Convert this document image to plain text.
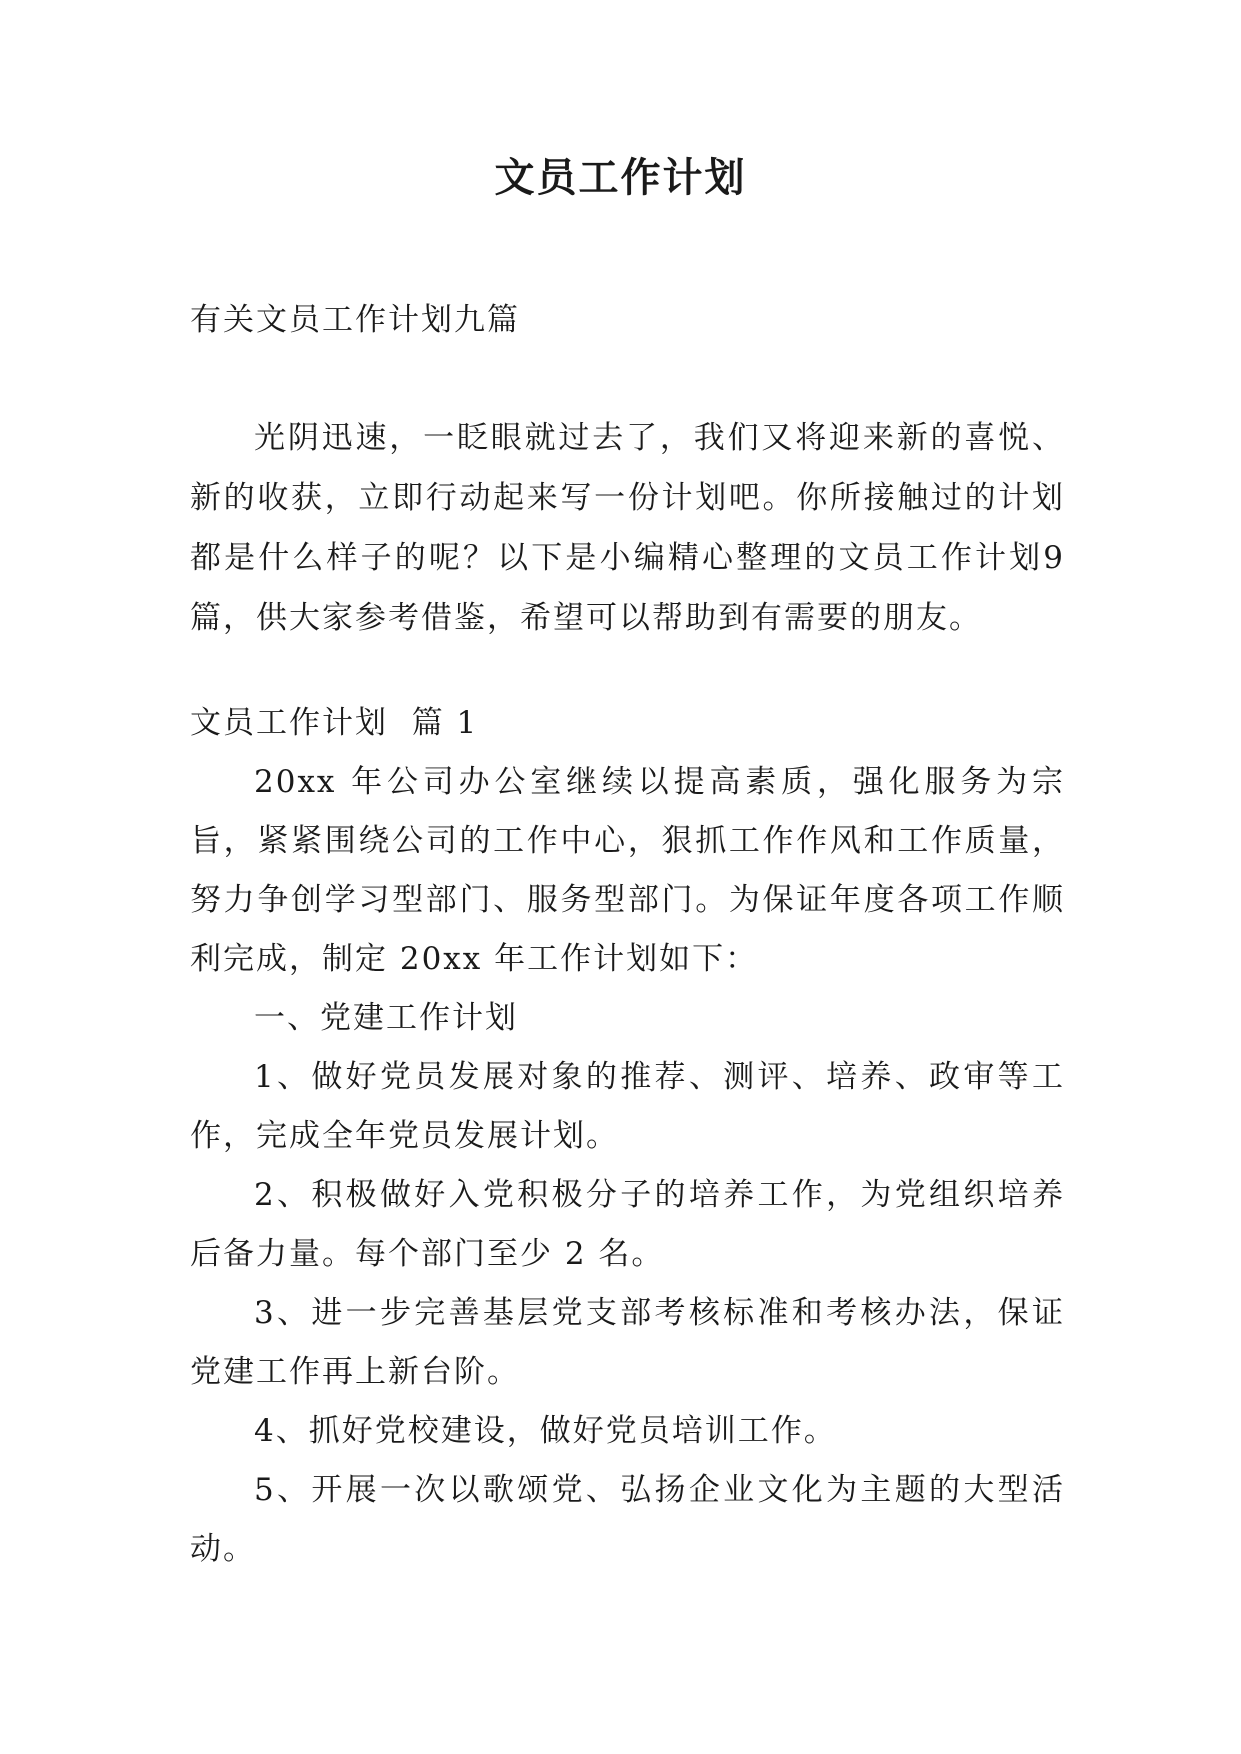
文员工作计划

有关文员工作计划九篇

光阴迅速，一眨眼就过去了，我们又将迎来新的喜悦、新的收获，立即行动起来写一份计划吧。你所接触过的计划都是什么样子的呢？以下是小编精心整理的文员工作计划9篇，供大家参考借鉴，希望可以帮助到有需要的朋友。

文员工作计划  篇 1

20xx 年公司办公室继续以提高素质，强化服务为宗旨，紧紧围绕公司的工作中心，狠抓工作作风和工作质量，努力争创学习型部门、服务型部门。为保证年度各项工作顺利完成，制定 20xx 年工作计划如下：

一、党建工作计划

1、做好党员发展对象的推荐、测评、培养、政审等工作，完成全年党员发展计划。

2、积极做好入党积极分子的培养工作，为党组织培养后备力量。每个部门至少 2 名。

3、进一步完善基层党支部考核标准和考核办法，保证党建工作再上新台阶。

4、抓好党校建设，做好党员培训工作。

5、开展一次以歌颂党、弘扬企业文化为主题的大型活动。
